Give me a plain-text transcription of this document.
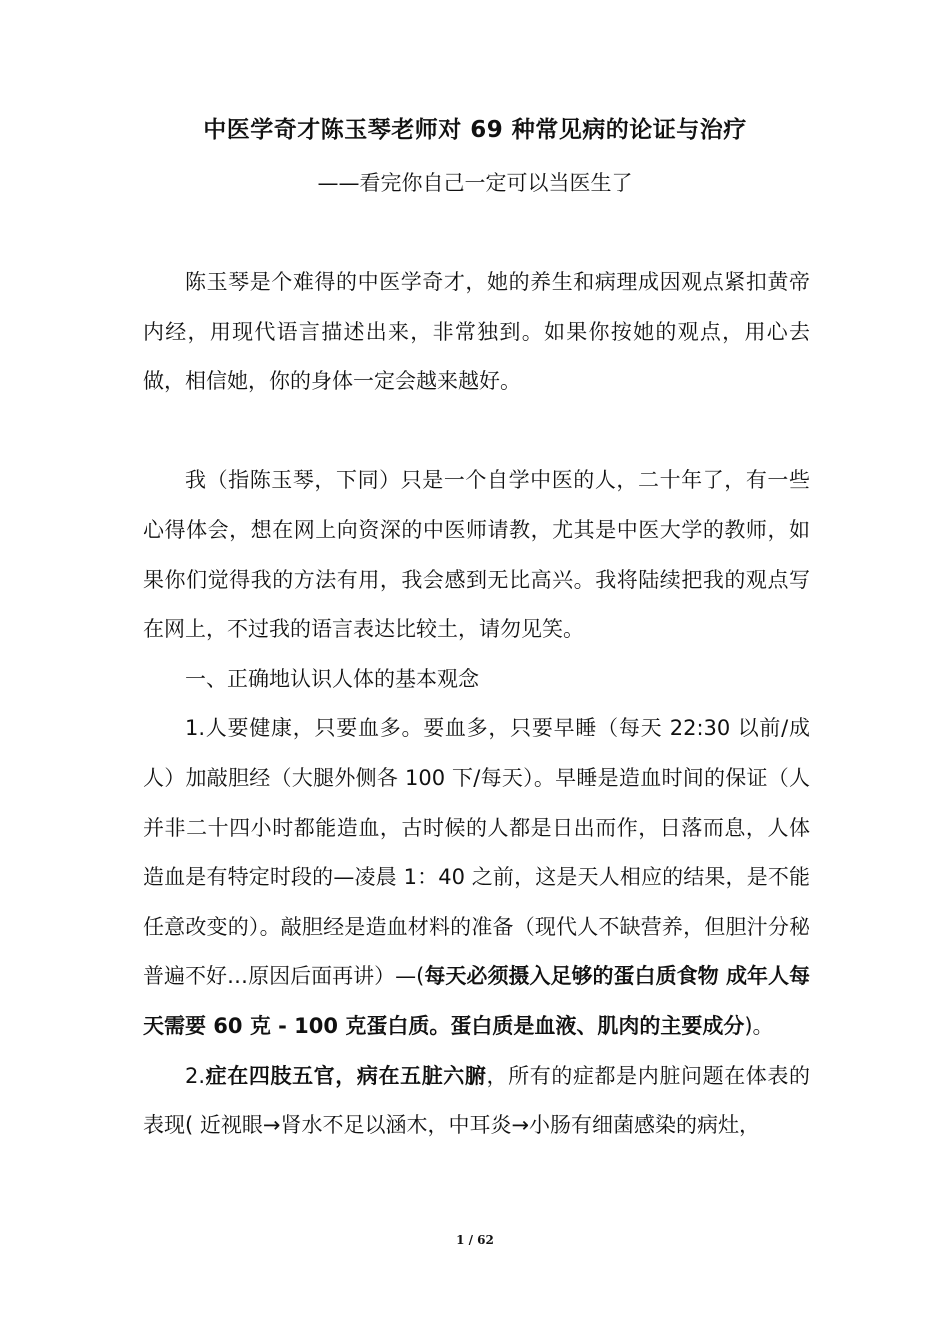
中医学奇才陈玉琴老师对 69 种常见病的论证与治疗
——看完你自己一定可以当医生了

陈玉琴是个难得的中医学奇才，她的养生和病理成因观点紧扣黄帝内经，用现代语言描述出来，非常独到。如果你按她的观点，用心去做，相信她，你的身体一定会越来越好。

我（指陈玉琴，下同）只是一个自学中医的人，二十年了，有一些心得体会，想在网上向资深的中医师请教，尤其是中医大学的教师，如果你们觉得我的方法有用，我会感到无比高兴。我将陆续把我的观点写在网上，不过我的语言表达比较土，请勿见笑。

一、正确地认识人体的基本观念

1.人要健康，只要血多。要血多，只要早睡（每天 22:30 以前/成人）加敲胆经（大腿外侧各 100 下/每天）。早睡是造血时间的保证（人并非二十四小时都能造血，古时候的人都是日出而作，日落而息，人体造血是有特定时段的—凌晨 1：40 之前，这是天人相应的结果，是不能任意改变的）。敲胆经是造血材料的准备（现代人不缺营养，但胆汁分秘普遍不好…原因后面再讲）—(每天必须摄入足够的蛋白质食物 成年人每天需要 60 克 - 100 克蛋白质。蛋白质是血液、肌肉的主要成分)。

2.症在四肢五官，病在五脏六腑，所有的症都是内脏问题在体表的表现( 近视眼→肾水不足以涵木，中耳炎→小肠有细菌感染的病灶，

1 / 62
